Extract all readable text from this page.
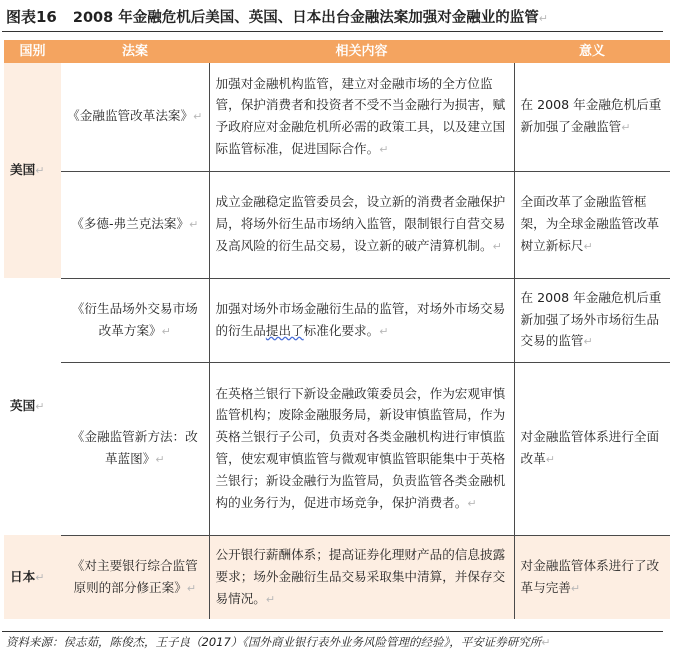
图表16 2008 年金融危机后美国、英国、日本出台金融法案加强对金融业的监管↵
国别	法案	相关内容	意义
美国↵	《金融监管改革法案》↵	加强对金融机构监管，建立对金融市场的全方位监管，保护消费者和投资者不受不当金融行为损害，赋予政府应对金融危机所必需的政策工具，以及建立国际监管标准，促进国际合作。↵	在 2008 年金融危机后重新加强了金融监管↵
	《多德-弗兰克法案》↵	成立金融稳定监管委员会，设立新的消费者金融保护局，将场外衍生品市场纳入监管，限制银行自营交易及高风险的衍生品交易，设立新的破产清算机制。↵	全面改革了金融监管框架，为全球金融监管改革树立新标尺↵
英国↵	《衍生品场外交易市场改革方案》↵	加强对场外市场金融衍生品的监管，对场外市场交易的衍生品提出了标准化要求。↵	在 2008 年金融危机后重新加强了场外市场衍生品交易的监管↵
	《金融监管新方法：改革蓝图》↵	在英格兰银行下新设金融政策委员会，作为宏观审慎监管机构；废除金融服务局，新设审慎监管局，作为英格兰银行子公司，负责对各类金融机构进行审慎监管，使宏观审慎监管与微观审慎监管职能集中于英格兰银行；新设金融行为监管局，负责监管各类金融机构的业务行为，促进市场竞争，保护消费者。↵	对金融监管体系进行全面改革↵
日本↵	《对主要银行综合监管原则的部分修正案》↵	公开银行薪酬体系；提高证券化理财产品的信息披露要求；场外金融衍生品交易采取集中清算，并保存交易情况。↵	对金融监管体系进行了改革与完善↵
资料来源：侯志茹，陈俊杰，王子良（2017）《国外商业银行表外业务风险管理的经验》，平安证券研究所↵
